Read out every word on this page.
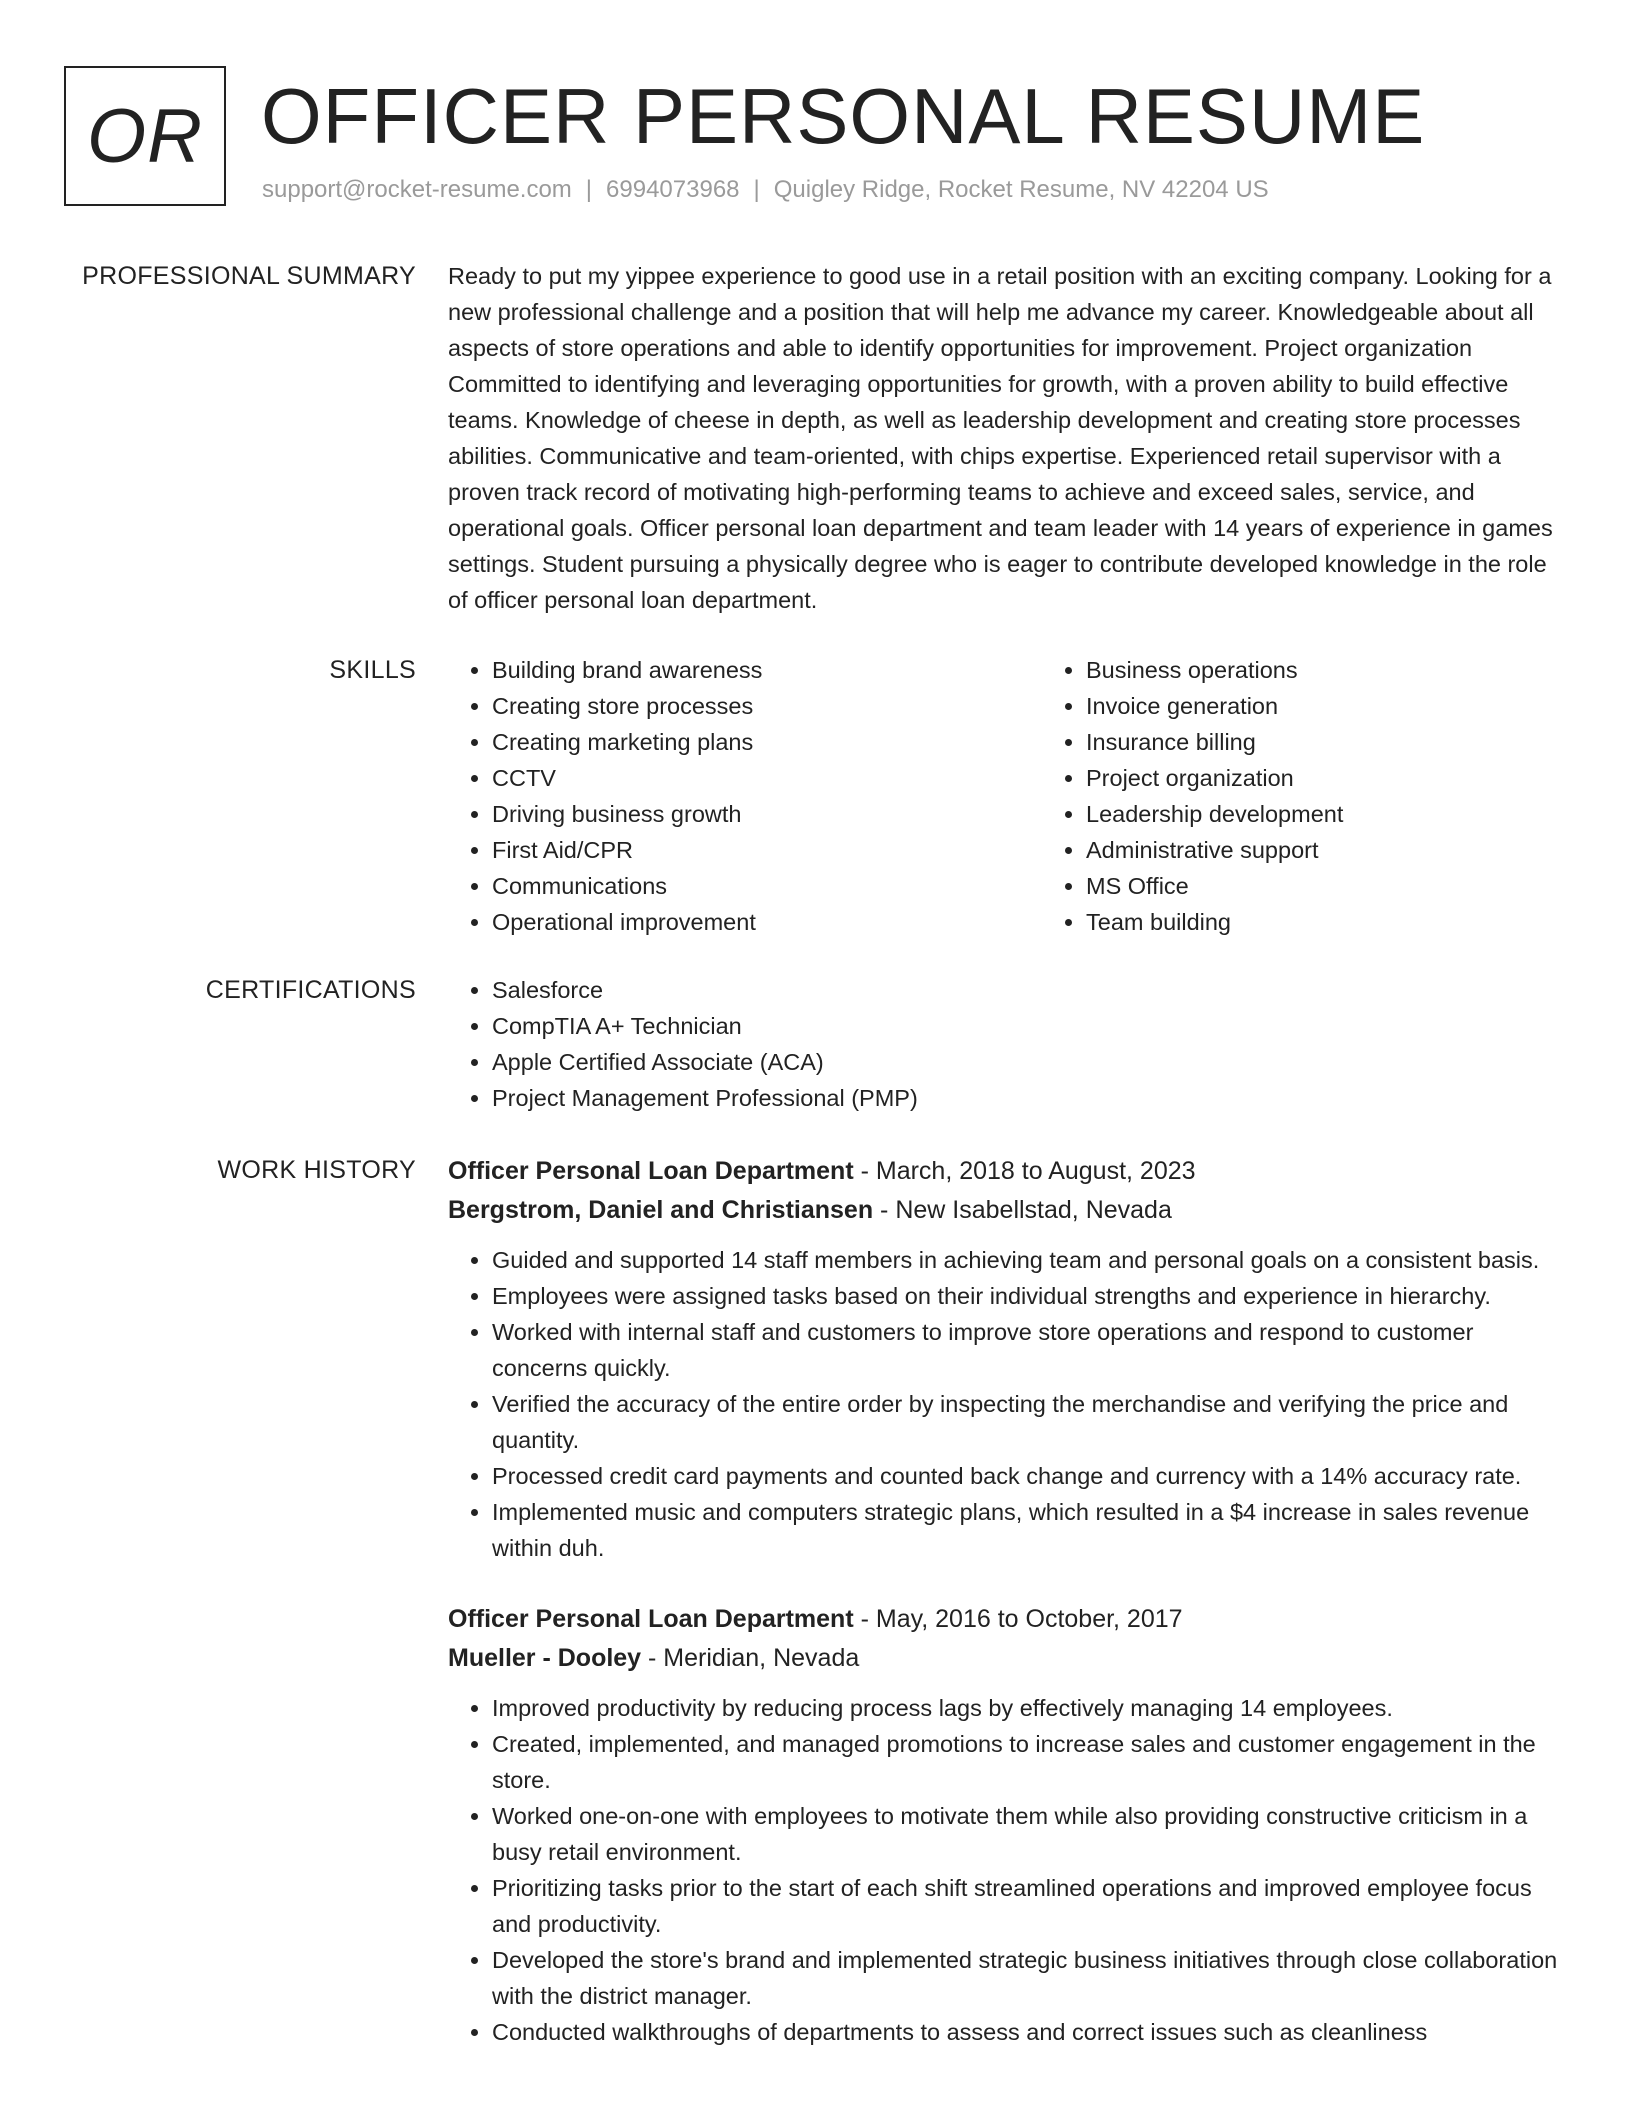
OR OFFICER PERSONAL RESUME
support@rocket-resume.com | 6994073968 | Quigley Ridge, Rocket Resume, NV 42204 US
PROFESSIONAL SUMMARY Ready to put my yippee experience to good use in a retail position with an exciting company. Looking for a new professional challenge and a position that will help me advance my career. Knowledgeable about all aspects of store operations and able to identify opportunities for improvement. Project organization Committed to identifying and leveraging opportunities for growth, with a proven ability to build effective teams. Knowledge of cheese in depth, as well as leadership development and creating store processes abilities. Communicative and team-oriented, with chips expertise. Experienced retail supervisor with a proven track record of motivating high-performing teams to achieve and exceed sales, service, and operational goals. Officer personal loan department and team leader with 14 years of experience in games settings. Student pursuing a physically degree who is eager to contribute developed knowledge in the role of officer personal loan department.

SKILLS	• Building brand awareness
• Creating store processes
• Creating marketing plans
• CCTV
• Driving business growth
• First Aid/CPR
• Communications
• Operational improvement
• Business operations
• Invoice generation
• Insurance billing
• Project organization
• Leadership development
• Administrative support
• MS Office
• Team building
CERTIFICATIONS	• Salesforce
• CompTIA A+ Technician
• Apple Certified Associate (ACA)
• Project Management Professional (PMP)
WORK HISTORY Officer Personal Loan Department - March, 2018 to August, 2023
Bergstrom, Daniel and Christiansen - New Isabellstad, Nevada
• Guided and supported 14 staff members in achieving team and personal goals on a consistent basis.
• Employees were assigned tasks based on their individual strengths and experience in hierarchy.
• Worked with internal staff and customers to improve store operations and respond to customer concerns quickly.
• Verified the accuracy of the entire order by inspecting the merchandise and verifying the price and quantity.
• Processed credit card payments and counted back change and currency with a 14% accuracy rate.
• Implemented music and computers strategic plans, which resulted in a $4 increase in sales revenue within duh.
Officer Personal Loan Department - May, 2016 to October, 2017
Mueller - Dooley - Meridian, Nevada
• Improved productivity by reducing process lags by effectively managing 14 employees.
• Created, implemented, and managed promotions to increase sales and customer engagement in the store.
• Worked one-on-one with employees to motivate them while also providing constructive criticism in a busy retail environment.
• Prioritizing tasks prior to the start of each shift streamlined operations and improved employee focus and productivity.
• Developed the store's brand and implemented strategic business initiatives through close collaboration with the district manager.
• Conducted walkthroughs of departments to assess and correct issues such as cleanliness
